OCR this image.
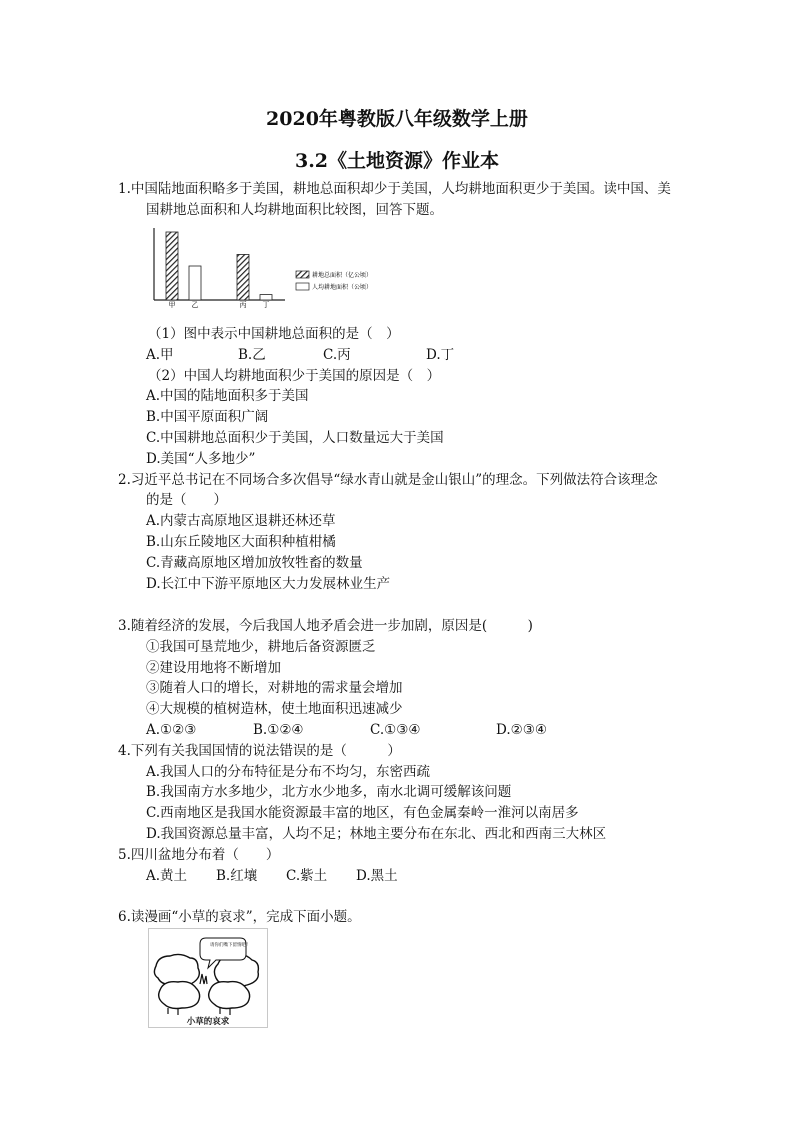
2020年粤教版八年级数学上册
3.2《土地资源》作业本
1.中国陆地面积略多于美国，耕地总面积却少于美国，人均耕地面积更少于美国。读中国、美
国耕地总面积和人均耕地面积比较图，回答下题。
甲 乙	丙 丁
耕地总面积（亿公顷）
人均耕地面积（公顷）
（1）图中表示中国耕地总面积的是（　）
A.甲	B.乙	C.丙	D.丁
（2）中国人均耕地面积少于美国的原因是（　）
A.中国的陆地面积多于美国
B.中国平原面积广阔
C.中国耕地总面积少于美国，人口数量远大于美国
D.美国“人多地少”
2.习近平总书记在不同场合多次倡导“绿水青山就是金山银山”的理念。下列做法符合该理念
的是（　　）
A.内蒙古高原地区退耕还林还草
B.山东丘陵地区大面积种植柑橘
C.青藏高原地区增加放牧牲畜的数量
D.长江中下游平原地区大力发展林业生产
3.随着经济的发展，今后我国人地矛盾会进一步加剧，原因是(　　　)
①我国可垦荒地少，耕地后备资源匮乏
②建设用地将不断增加
③随着人口的增长，对耕地的需求量会增加
④大规模的植树造林，使土地面积迅速减少
A.①②③	B.①②④	C.①③④	D.②③④
4.下列有关我国国情的说法错误的是（　　　）
A.我国人口的分布特征是分布不均匀，东密西疏
B.我国南方水多地少，北方水少地多，南水北调可缓解该问题
C.西南地区是我国水能资源最丰富的地区，有色金属秦岭一淮河以南居多
D.我国资源总量丰富，人均不足；林地主要分布在东北、西北和西南三大林区
5.四川盆地分布着（　　）
A.黄土 B.红壤 C.紫土 D.黑土
6.读漫画“小草的哀求”，完成下面小题。
请你们嘴下留情吧！
小草的哀求
